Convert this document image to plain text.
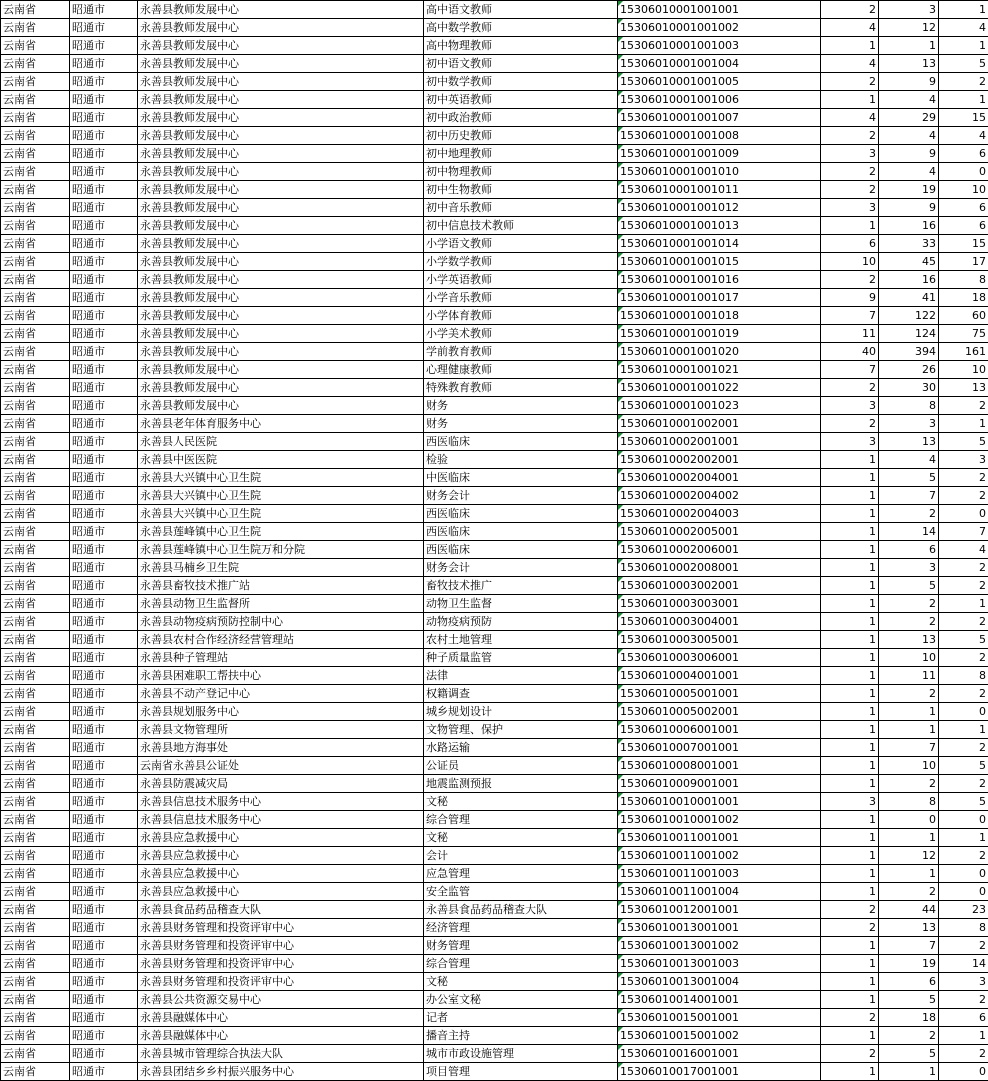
云南省	昭通市	永善县教师发展中心	高中语文教师	15306010001001001	2	3	1
云南省	昭通市	永善县教师发展中心	高中数学教师	15306010001001002	4	12	4
云南省	昭通市	永善县教师发展中心	高中物理教师	15306010001001003	1	1	1
云南省	昭通市	永善县教师发展中心	初中语文教师	15306010001001004	4	13	5
云南省	昭通市	永善县教师发展中心	初中数学教师	15306010001001005	2	9	2
云南省	昭通市	永善县教师发展中心	初中英语教师	15306010001001006	1	4	1
云南省	昭通市	永善县教师发展中心	初中政治教师	15306010001001007	4	29	15
云南省	昭通市	永善县教师发展中心	初中历史教师	15306010001001008	2	4	4
云南省	昭通市	永善县教师发展中心	初中地理教师	15306010001001009	3	9	6
云南省	昭通市	永善县教师发展中心	初中物理教师	15306010001001010	2	4	0
云南省	昭通市	永善县教师发展中心	初中生物教师	15306010001001011	2	19	10
云南省	昭通市	永善县教师发展中心	初中音乐教师	15306010001001012	3	9	6
云南省	昭通市	永善县教师发展中心	初中信息技术教师	15306010001001013	1	16	6
云南省	昭通市	永善县教师发展中心	小学语文教师	15306010001001014	6	33	15
云南省	昭通市	永善县教师发展中心	小学数学教师	15306010001001015	10	45	17
云南省	昭通市	永善县教师发展中心	小学英语教师	15306010001001016	2	16	8
云南省	昭通市	永善县教师发展中心	小学音乐教师	15306010001001017	9	41	18
云南省	昭通市	永善县教师发展中心	小学体育教师	15306010001001018	7	122	60
云南省	昭通市	永善县教师发展中心	小学美术教师	15306010001001019	11	124	75
云南省	昭通市	永善县教师发展中心	学前教育教师	15306010001001020	40	394	161
云南省	昭通市	永善县教师发展中心	心理健康教师	15306010001001021	7	26	10
云南省	昭通市	永善县教师发展中心	特殊教育教师	15306010001001022	2	30	13
云南省	昭通市	永善县教师发展中心	财务	15306010001001023	3	8	2
云南省	昭通市	永善县老年体育服务中心	财务	15306010001002001	2	3	1
云南省	昭通市	永善县人民医院	西医临床	15306010002001001	3	13	5
云南省	昭通市	永善县中医医院	检验	15306010002002001	1	4	3
云南省	昭通市	永善县大兴镇中心卫生院	中医临床	15306010002004001	1	5	2
云南省	昭通市	永善县大兴镇中心卫生院	财务会计	15306010002004002	1	7	2
云南省	昭通市	永善县大兴镇中心卫生院	西医临床	15306010002004003	1	2	0
云南省	昭通市	永善县莲峰镇中心卫生院	西医临床	15306010002005001	1	14	7
云南省	昭通市	永善县莲峰镇中心卫生院万和分院	西医临床	15306010002006001	1	6	4
云南省	昭通市	永善县马楠乡卫生院	财务会计	15306010002008001	1	3	2
云南省	昭通市	永善县畜牧技术推广站	畜牧技术推广	15306010003002001	1	5	2
云南省	昭通市	永善县动物卫生监督所	动物卫生监督	15306010003003001	1	2	1
云南省	昭通市	永善县动物疫病预防控制中心	动物疫病预防	15306010003004001	1	2	2
云南省	昭通市	永善县农村合作经济经营管理站	农村土地管理	15306010003005001	1	13	5
云南省	昭通市	永善县种子管理站	种子质量监管	15306010003006001	1	10	2
云南省	昭通市	永善县困难职工帮扶中心	法律	15306010004001001	1	11	8
云南省	昭通市	永善县不动产登记中心	权籍调查	15306010005001001	1	2	2
云南省	昭通市	永善县规划服务中心	城乡规划设计	15306010005002001	1	1	0
云南省	昭通市	永善县文物管理所	文物管理、保护	15306010006001001	1	1	1
云南省	昭通市	永善县地方海事处	水路运输	15306010007001001	1	7	2
云南省	昭通市	云南省永善县公证处	公证员	15306010008001001	1	10	5
云南省	昭通市	永善县防震减灾局	地震监测预报	15306010009001001	1	2	2
云南省	昭通市	永善县信息技术服务中心	文秘	15306010010001001	3	8	5
云南省	昭通市	永善县信息技术服务中心	综合管理	15306010010001002	1	0	0
云南省	昭通市	永善县应急救援中心	文秘	15306010011001001	1	1	1
云南省	昭通市	永善县应急救援中心	会计	15306010011001002	1	12	2
云南省	昭通市	永善县应急救援中心	应急管理	15306010011001003	1	1	0
云南省	昭通市	永善县应急救援中心	安全监管	15306010011001004	1	2	0
云南省	昭通市	永善县食品药品稽查大队	永善县食品药品稽查大队	15306010012001001	2	44	23
云南省	昭通市	永善县财务管理和投资评审中心	经济管理	15306010013001001	2	13	8
云南省	昭通市	永善县财务管理和投资评审中心	财务管理	15306010013001002	1	7	2
云南省	昭通市	永善县财务管理和投资评审中心	综合管理	15306010013001003	1	19	14
云南省	昭通市	永善县财务管理和投资评审中心	文秘	15306010013001004	1	6	3
云南省	昭通市	永善县公共资源交易中心	办公室文秘	15306010014001001	1	5	2
云南省	昭通市	永善县融媒体中心	记者	15306010015001001	2	18	6
云南省	昭通市	永善县融媒体中心	播音主持	15306010015001002	1	2	1
云南省	昭通市	永善县城市管理综合执法大队	城市市政设施管理	15306010016001001	2	5	2
云南省	昭通市	永善县团结乡乡村振兴服务中心	项目管理	15306010017001001	1	1	0
